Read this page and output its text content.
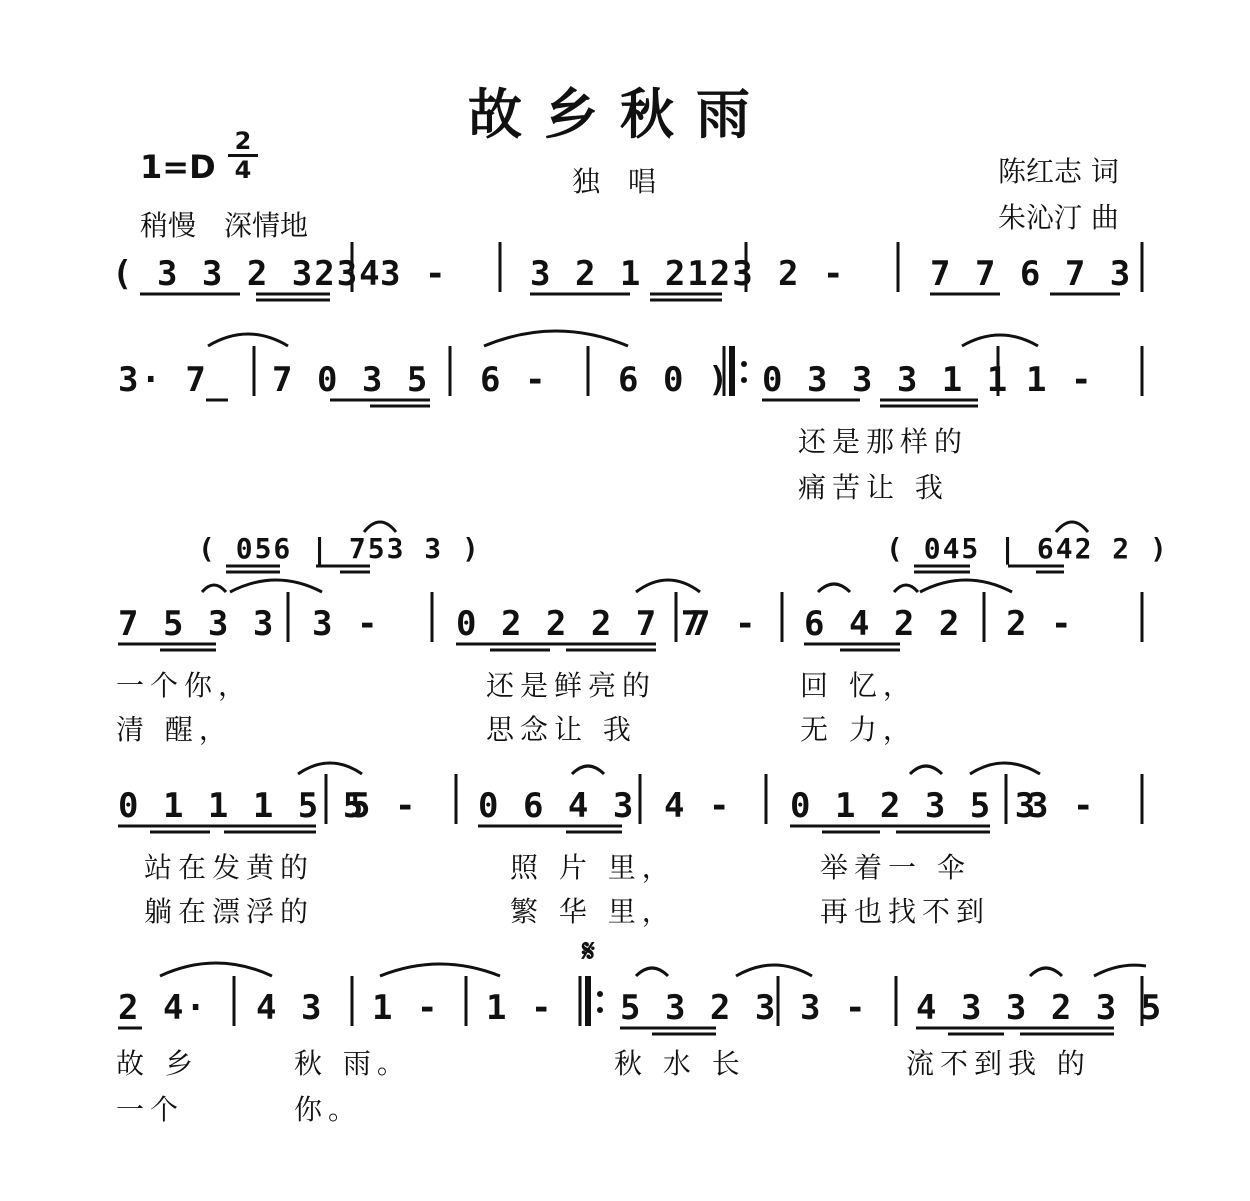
故乡秋雨
1=D
2
4	独　唱
稍慢　深情地
陈红志 词
朱沁汀 曲
( 3 3 2 3234
3 - 3 2 1 2123 2 - 7 7 6 7 3
3· 7 7 0 3 5 6 - 6 0 ) 0 3 3 3 1 1 1 -
还是那样的
痛苦让 我
( 056 | 753 3 )	( 045 | 642 2 )
7 5 3 3 3 - 0 2 2 2 7 7
7 - 6 4 2 2 2 -
一个你，	还是鲜亮的	回 忆，
清 醒，	思念让 我	无 力，
0 1 1 1 5 5
5 - 0 6 4 3 4 - 0 1 2 3 5 3
3 -
站在发黄的	照 片 里，	举着一 伞
躺在漂浮的	繁 华 里，	再也找不到
𝄋
2 4· 4 3 1 - 1 - 5 3 2 3 3 - 4 3 3 2 3 5
故 乡	秋 雨。	秋 水 长	流不到我 的
一个	你。
